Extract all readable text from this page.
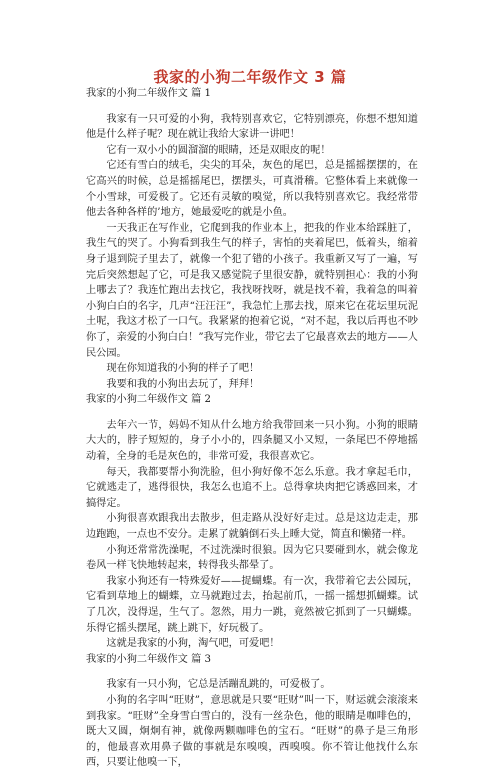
我家的小狗二年级作文 3 篇

我家的小狗二年级作文 篇 1

我家有一只可爱的小狗，我特别喜欢它，它特别漂亮，你想不想知道他是什么样子呢？现在就让我给大家讲一讲吧！

它有一双小小的圆溜溜的眼睛，还是双眼皮的呢！

它还有雪白的绒毛，尖尖的耳朵，灰色的尾巴，总是摇摇摆摆的，在它高兴的时候，总是摇摇尾巴，摆摆头，可真滑稽。它整体看上来就像一个小雪球，可爱极了。它还有灵敏的嗅觉，所以我特别喜欢它。我经常带他去各种各样的’地方，她最爱吃的就是小鱼。

一天我正在写作业，它爬到我的作业本上，把我的作业本给踩脏了，我生气的哭了。小狗看到我生气的样子，害怕的夹着尾巴，低着头，缩着身子退到院子里去了，就像一个犯了错的小孩子。我重新又写了一遍，写完后突然想起了它，可是我又感觉院子里很安静，就特别担心：我的小狗上哪去了？我连忙跑出去找它，我找呀找呀，就是找不着，我着急的叫着小狗白白的名字，几声“汪汪汪”，我急忙上那去找，原来它在花坛里玩泥土呢，我这才松了一口气。我紧紧的抱着它说，“对不起，我以后再也不吵你了，亲爱的小狗白白！”我写完作业，带它去了它最喜欢去的地方——人民公园。

现在你知道我的小狗的样子了吧！

我要和我的小狗出去玩了，拜拜！

我家的小狗二年级作文 篇 2

去年六一节，妈妈不知从什么地方给我带回来一只小狗。小狗的眼睛大大的，脖子短短的，身子小小的，四条腿又小又短，一条尾巴不停地摇动着，全身的毛是灰色的，非常可爱，我很喜欢它。

每天，我都要帮小狗洗脸，但小狗好像不怎么乐意。我才拿起毛巾，它就逃走了，逃得很快，我怎么也追不上。总得拿块肉把它诱惑回来，才搞得定。

小狗很喜欢跟我出去散步，但走路从没好好走过。总是这边走走，那边跑跑，一点也不安分。走累了就躺倒石头上睡大觉，简直和懒猪一样。

小狗还常常洗澡呢，不过洗澡时很狼。因为它只要碰到水，就会像龙卷风一样飞快地转起来，转得我头都晕了。

我家小狗还有一特殊爱好——捉蝴蝶。有一次，我带着它去公园玩，它看到草地上的蝴蝶，立马就跑过去，抬起前爪，一摇一摇想抓蝴蝶。试了几次，没得逞，生气了。忽然，用力一跳，竟然被它抓到了一只蝴蝶。乐得它摇头摆尾，跳上跳下，好玩极了。

这就是我家的小狗，淘气吧，可爱吧！

我家的小狗二年级作文 篇 3

我家有一只小狗，它总是活蹦乱跳的，可爱极了。

小狗的名字叫“旺财”，意思就是只要“旺财”叫一下，财运就会滚滚来到我家。“旺财”全身雪白雪白的，没有一丝杂色，他的眼睛是咖啡色的，既大又圆，炯炯有神，就像两颗咖啡色的宝石。“旺财”的鼻子是三角形的，他最喜欢用鼻子做的事就是东嗅嗅，西嗅嗅。你不管让他找什么东西，只要让他嗅一下，
